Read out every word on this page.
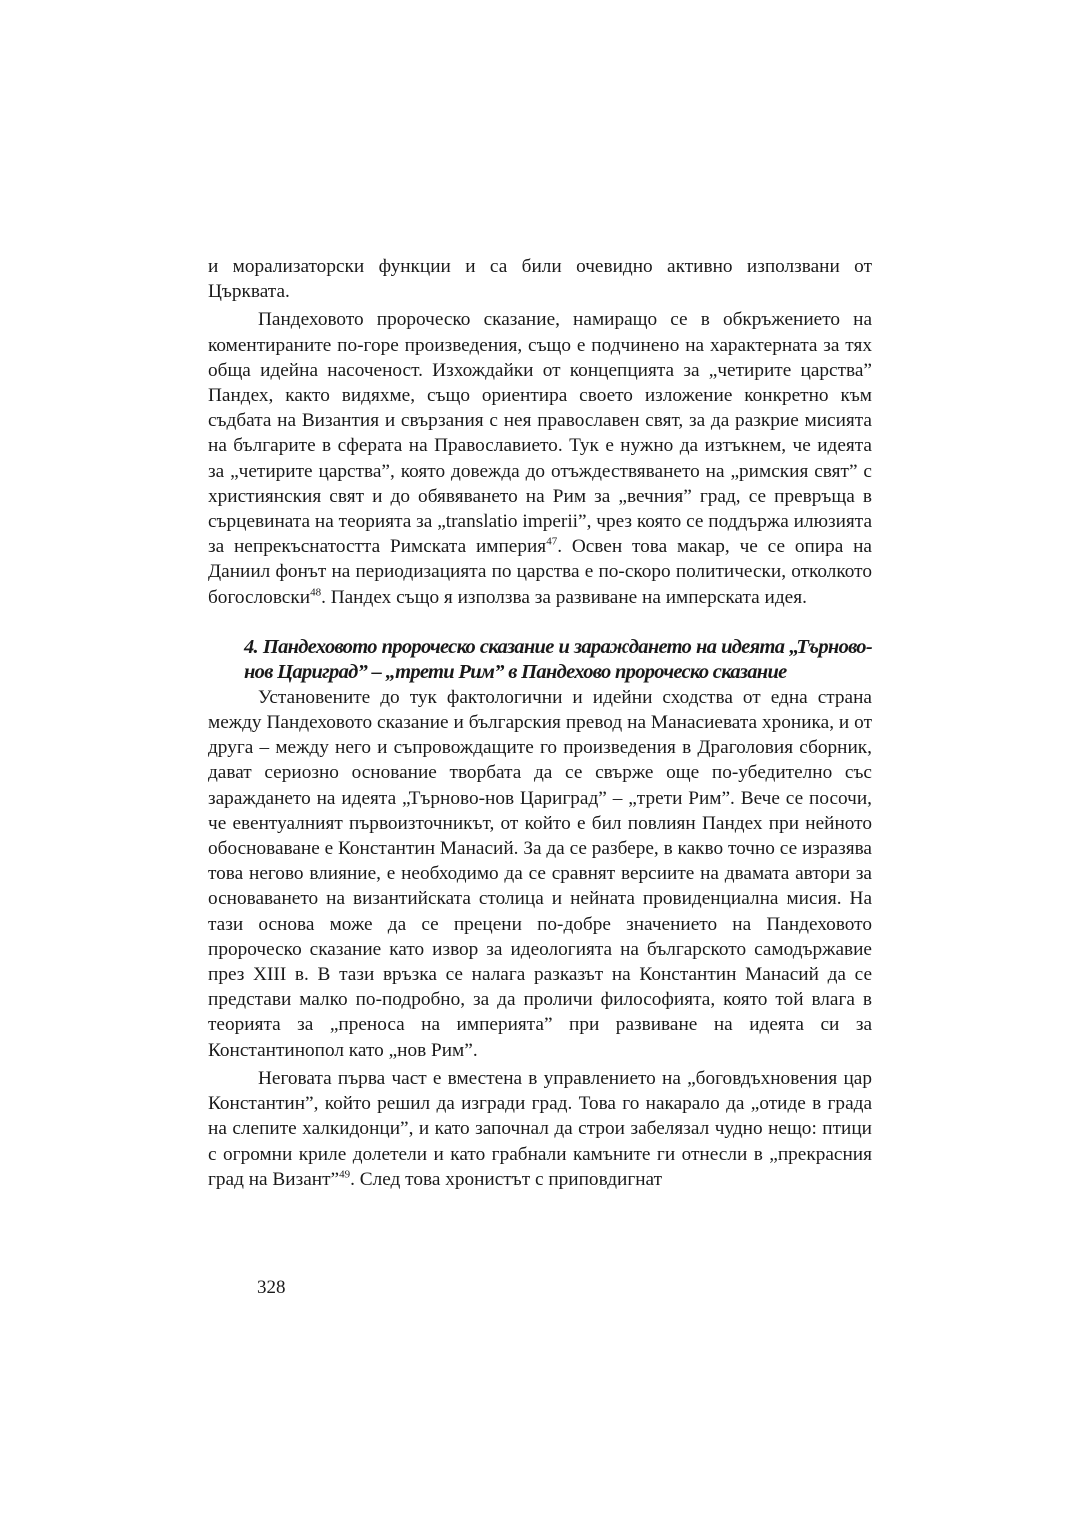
и морализаторски функции и са били очевидно активно използвани от Църквата.

Пандеховото пророческо сказание, намиращо се в обкръжението на коментираните по-горе произведения, също е подчинено на характерната за тях обща идейна насоченост. Изхождайки от концепцията за „четирите царства” Пандех, както видяхме, също ориентира своето изложение конкретно към съдбата на Византия и свързания с нея православен свят, за да разкрие мисията на българите в сферата на Православието. Тук е нужно да изтъкнем, че идеята за „четирите царства”, която довежда до отъждествяването на „римския свят” с християнския свят и до обявяването на Рим за „вечния” град, се превръща в сърцевината на теорията за „translatio imperii”, чрез която се поддържа илюзията за непрекъснатостта Римската империя$^{47}$. Освен това макар, че се опира на Даниил фонът на периодизацията по царства е по-скоро политически, отколкото богословски$^{48}$. Пандех също я използва за развиване на имперската идея.

4. Пандеховото пророческо сказание и зараждането на идеята „Търново-нов Цариград” – „трети Рим” в Пандехово пророческо сказание

Установените до тук фактологични и идейни сходства от една страна между Пандеховото сказание и българския превод на Манасиевата хроника, и от друга – между него и съпровождащите го произведения в Драголовия сборник, дават сериозно основание творбата да се свърже още по-убедително със зараждането на идеята „Търново-нов Цариград” – „трети Рим”. Вече се посочи, че евентуалният първоизточникът, от който е бил повлиян Пандех при нейното обосноваване е Константин Манасий. За да се разбере, в какво точно се изразява това негово влияние, е необходимо да се сравнят версиите на двамата автори за основаването на византийската столица и нейната провиденциална мисия. На тази основа може да се прецени по-добре значението на Пандеховото пророческо сказание като извор за идеологията на българското самодържавие през XIII в. В тази връзка се налага разказът на Константин Манасий да се представи малко по-подробно, за да проличи философията, която той влага в теорията за „преноса на империята” при развиване на идеята си за Константинопол като „нов Рим”.

Неговата първа част е вместена в управлението на „боговдъхновения цар Константин”, който решил да изгради град. Това го накарало да „отиде в града на слепите халкидонци”, и като започнал да строи забелязал чудно нещо: птици с огромни криле долетели и като грабнали камъните ги отнесли в „прекрасния град на Визант”$^{49}$. След това хронистът с приповдигнат

328
